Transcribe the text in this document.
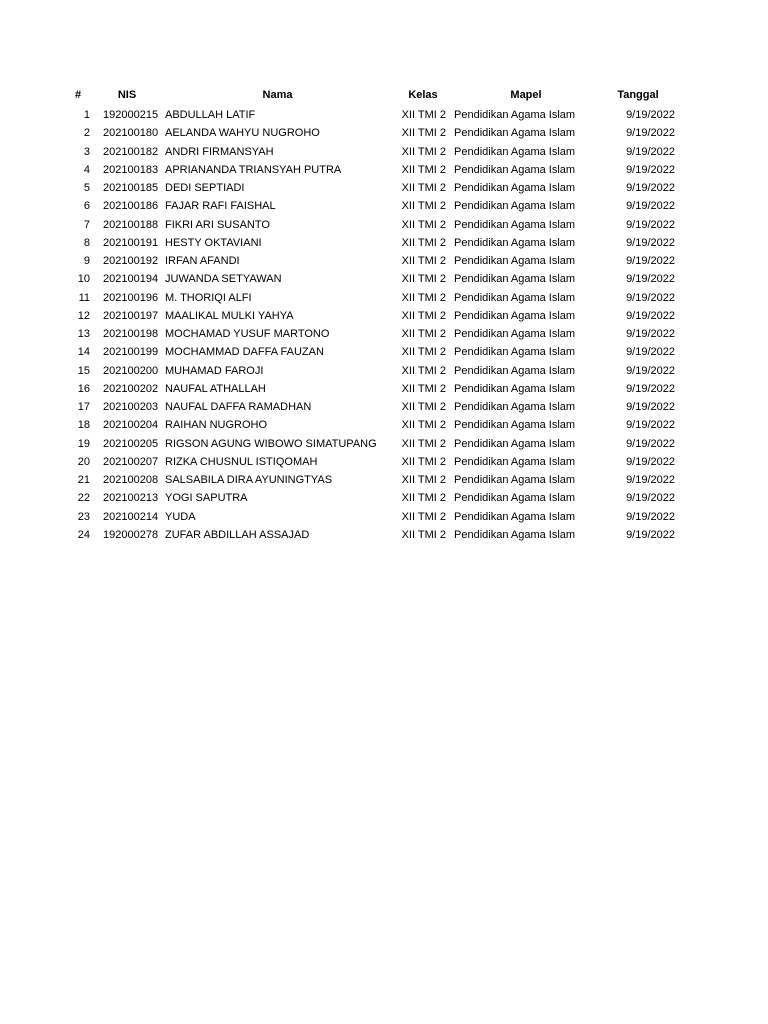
#	NIS	Nama	Kelas	Mapel	Tanggal
1 192000215 ABDULLAH LATIF	XII TMI 2 Pendidikan Agama Islam	9/19/2022
2 202100180 AELANDA WAHYU NUGROHO	XII TMI 2 Pendidikan Agama Islam	9/19/2022
3 202100182 ANDRI FIRMANSYAH	XII TMI 2 Pendidikan Agama Islam	9/19/2022
4 202100183 APRIANANDA TRIANSYAH PUTRA	XII TMI 2 Pendidikan Agama Islam	9/19/2022
5 202100185 DEDI SEPTIADI	XII TMI 2 Pendidikan Agama Islam	9/19/2022
6 202100186 FAJAR RAFI FAISHAL	XII TMI 2 Pendidikan Agama Islam	9/19/2022
7 202100188 FIKRI ARI SUSANTO	XII TMI 2 Pendidikan Agama Islam	9/19/2022
8 202100191 HESTY OKTAVIANI	XII TMI 2 Pendidikan Agama Islam	9/19/2022
9 202100192 IRFAN AFANDI	XII TMI 2 Pendidikan Agama Islam	9/19/2022
10 202100194 JUWANDA SETYAWAN	XII TMI 2 Pendidikan Agama Islam	9/19/2022
11 202100196 M. THORIQI ALFI	XII TMI 2 Pendidikan Agama Islam	9/19/2022
12 202100197 MAALIKAL MULKI YAHYA	XII TMI 2 Pendidikan Agama Islam	9/19/2022
13 202100198 MOCHAMAD YUSUF MARTONO	XII TMI 2 Pendidikan Agama Islam	9/19/2022
14 202100199 MOCHAMMAD DAFFA FAUZAN	XII TMI 2 Pendidikan Agama Islam	9/19/2022
15 202100200 MUHAMAD FAROJI	XII TMI 2 Pendidikan Agama Islam	9/19/2022
16 202100202 NAUFAL ATHALLAH	XII TMI 2 Pendidikan Agama Islam	9/19/2022
17 202100203 NAUFAL DAFFA RAMADHAN	XII TMI 2 Pendidikan Agama Islam	9/19/2022
18 202100204 RAIHAN NUGROHO	XII TMI 2 Pendidikan Agama Islam	9/19/2022
19 202100205 RIGSON AGUNG WIBOWO SIMATUPANG	XII TMI 2 Pendidikan Agama Islam	9/19/2022
20 202100207 RIZKA CHUSNUL ISTIQOMAH	XII TMI 2 Pendidikan Agama Islam	9/19/2022
21 202100208 SALSABILA DIRA AYUNINGTYAS	XII TMI 2 Pendidikan Agama Islam	9/19/2022
22 202100213 YOGI SAPUTRA	XII TMI 2 Pendidikan Agama Islam	9/19/2022
23 202100214 YUDA	XII TMI 2 Pendidikan Agama Islam	9/19/2022
24 192000278 ZUFAR ABDILLAH ASSAJAD	XII TMI 2 Pendidikan Agama Islam	9/19/2022
